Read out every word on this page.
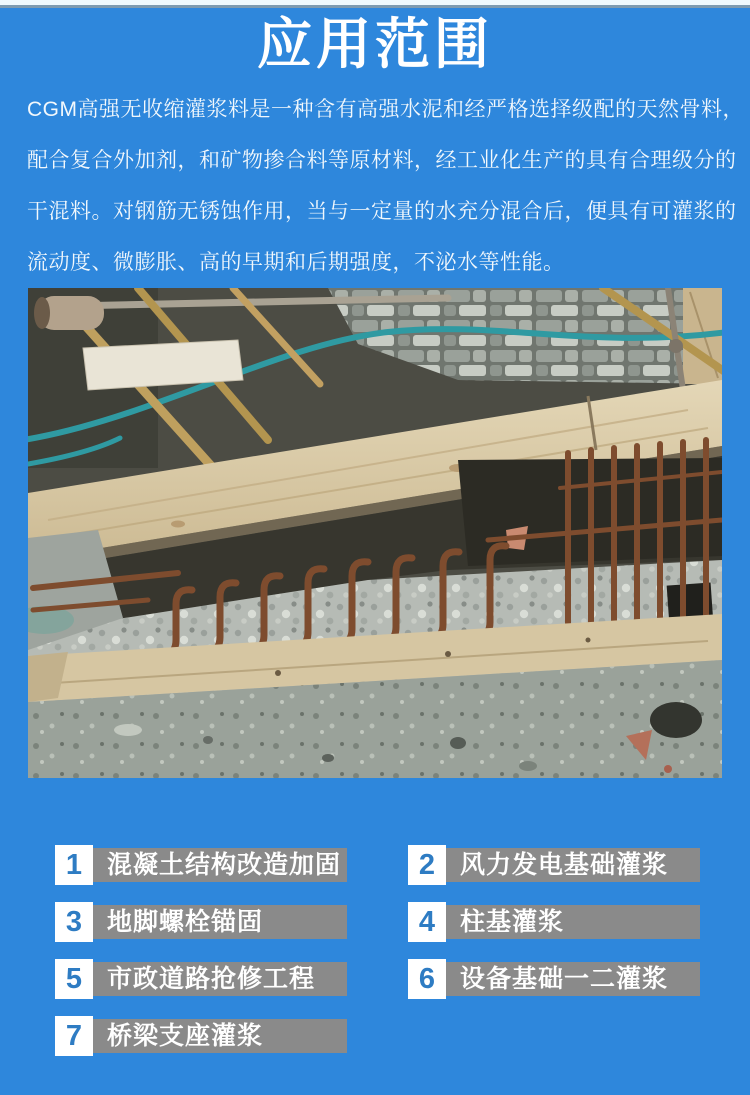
应用范围
CGM高强无收缩灌浆料是一种含有高强水泥和经严格选择级配的天然骨料，
配合复合外加剂，和矿物掺合料等原材料，经工业化生产的具有合理级分的
干混料。对钢筋无锈蚀作用，当与一定量的水充分混合后，便具有可灌浆的
流动度、微膨胀、高的早期和后期强度，不泌水等性能。
1 混凝土结构改造加固	2 风力发电基础灌浆
3 地脚螺栓锚固	4 柱基灌浆
5 市政道路抢修工程	6 设备基础一二灌浆
7 桥梁支座灌浆
